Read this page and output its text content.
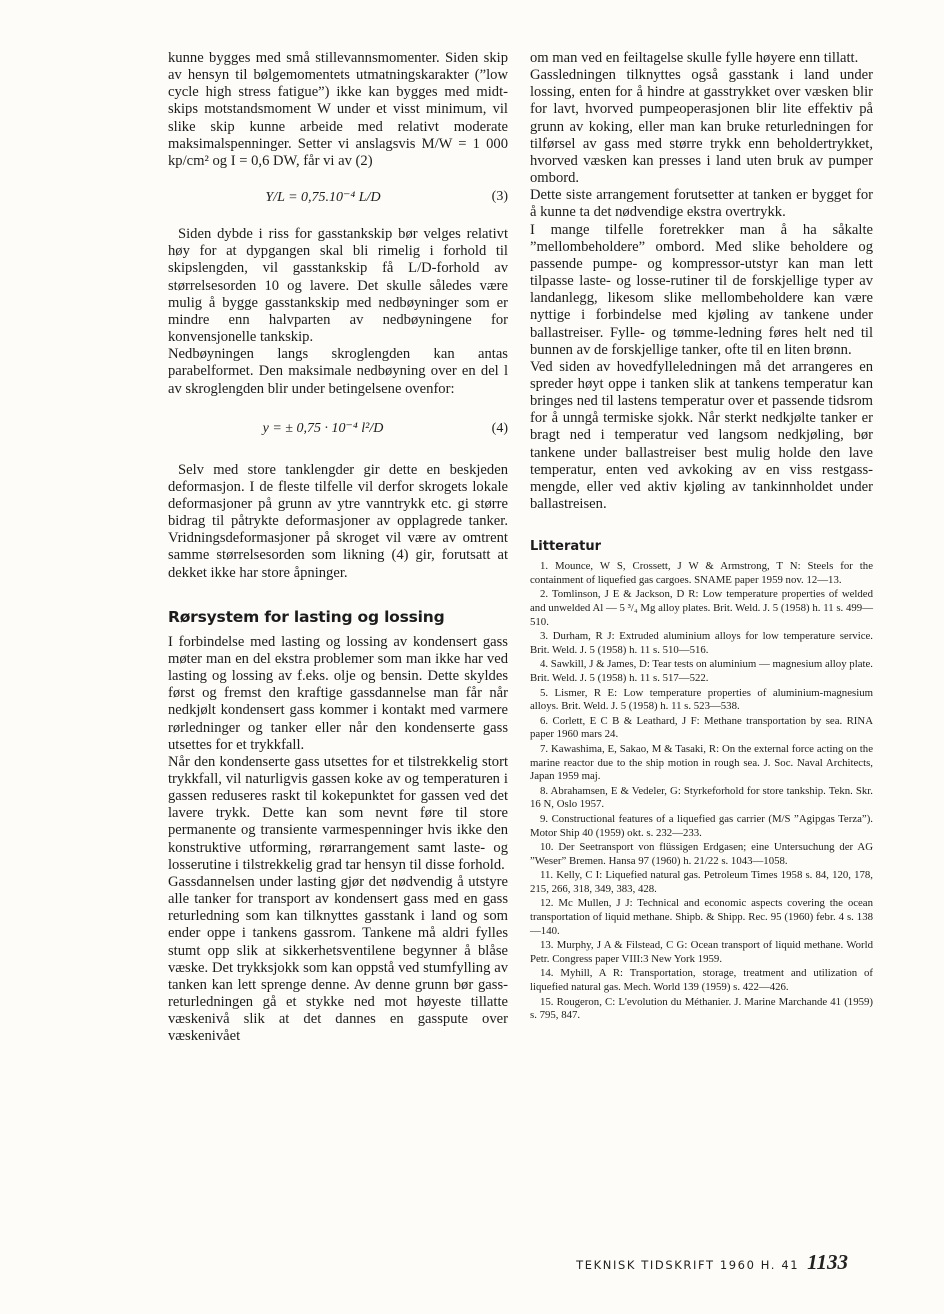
kunne bygges med små stillevannsmomenter. Siden skip av hensyn til bølgemomentets utmatningskarakter (”low cycle high stress fatigue”) ikke kan bygges med midt-skips motstandsmoment W under et visst minimum, vil slike skip kunne arbeide med relativt moderate maksimalspenninger. Setter vi anslagsvis M/W = 1 000 kp/cm² og I = 0,6 DW, får vi av (2)

Y/L = 0,75.10⁻⁴ L/D	(3)

Siden dybde i riss for gasstankskip bør velges relativt høy for at dypgangen skal bli rimelig i forhold til skipslengden, vil gasstankskip få L/D-forhold av størrelsesorden 10 og lavere. Det skulle således være mulig å bygge gasstankskip med nedbøyninger som er mindre enn halvparten av nedbøyningene for konvensjonelle tankskip.

Nedbøyningen langs skroglengden kan antas parabelformet. Den maksimale nedbøyning over en del l av skroglengden blir under betingelsene ovenfor:

y = ± 0,75 · 10⁻⁴ l²/D	(4)

Selv med store tanklengder gir dette en beskjeden deformasjon. I de fleste tilfelle vil derfor skrogets lokale deformasjoner på grunn av ytre vanntrykk etc. gi større bidrag til påtrykte deformasjoner av opplagrede tanker. Vridningsdeformasjoner på skroget vil være av omtrent samme størrelsesorden som likning (4) gir, forutsatt at dekket ikke har store åpninger.

Rørsystem for lasting og lossing

I forbindelse med lasting og lossing av kondensert gass møter man en del ekstra problemer som man ikke har ved lasting og lossing av f.eks. olje og bensin. Dette skyldes først og fremst den kraftige gassdannelse man får når nedkjølt kondensert gass kommer i kontakt med varmere rørledninger og tanker eller når den kondenserte gass utsettes for et trykkfall.

Når den kondenserte gass utsettes for et tilstrekkelig stort trykkfall, vil naturligvis gassen koke av og temperaturen i gassen reduseres raskt til kokepunktet for gassen ved det lavere trykk. Dette kan som nevnt føre til store permanente og transiente varmespenninger hvis ikke den konstruktive utforming, rørarrangement samt laste- og losserutine i tilstrekkelig grad tar hensyn til disse forhold.

Gassdannelsen under lasting gjør det nødvendig å utstyre alle tanker for transport av kondensert gass med en gass returledning som kan tilknyttes gasstank i land og som ender oppe i tankens gassrom. Tankene må aldri fylles stumt opp slik at sikkerhetsventilene begynner å blåse væske. Det trykksjokk som kan oppstå ved stumfylling av tanken kan lett sprenge denne. Av denne grunn bør gass-returledningen gå et stykke ned mot høyeste tillatte væskenivå slik at det dannes en gasspute over væskenivået

om man ved en feiltagelse skulle fylle høyere enn tillatt.

Gassledningen tilknyttes også gasstank i land under lossing, enten for å hindre at gasstrykket over væsken blir for lavt, hvorved pumpeoperasjonen blir lite effektiv på grunn av koking, eller man kan bruke returledningen for tilførsel av gass med større trykk enn beholdertrykket, hvorved væsken kan presses i land uten bruk av pumper ombord.

Dette siste arrangement forutsetter at tanken er bygget for å kunne ta det nødvendige ekstra overtrykk.

I mange tilfelle foretrekker man å ha såkalte ”mellombeholdere” ombord. Med slike beholdere og passende pumpe- og kompressor-utstyr kan man lett tilpasse laste- og losse-rutiner til de forskjellige typer av landanlegg, likesom slike mellombeholdere kan være nyttige i forbindelse med kjøling av tankene under ballastreiser. Fylle- og tømme-ledning føres helt ned til bunnen av de forskjellige tanker, ofte til en liten brønn.

Ved siden av hovedfylleledningen må det arrangeres en spreder høyt oppe i tanken slik at tankens temperatur kan bringes ned til lastens temperatur over et passende tidsrom for å unngå termiske sjokk. Når sterkt nedkjølte tanker er bragt ned i temperatur ved langsom nedkjøling, bør tankene under ballastreiser best mulig holde den lave temperatur, enten ved avkoking av en viss restgass-mengde, eller ved aktiv kjøling av tankinnholdet under ballastreisen.

Litteratur
1. Mounce, W S, Crossett, J W & Armstrong, T N: Steels for the containment of liquefied gas cargoes. SNAME paper 1959 nov. 12—13.
2. Tomlinson, J E & Jackson, D R: Low temperature properties of welded and unwelded Al — 5 ³/₄ Mg alloy plates. Brit. Weld. J. 5 (1958) h. 11 s. 499—510.
3. Durham, R J: Extruded aluminium alloys for low temperature service. Brit. Weld. J. 5 (1958) h. 11 s. 510—516.
4. Sawkill, J & James, D: Tear tests on aluminium — magnesium alloy plate. Brit. Weld. J. 5 (1958) h. 11 s. 517—522.
5. Lismer, R E: Low temperature properties of aluminium-magnesium alloys. Brit. Weld. J. 5 (1958) h. 11 s. 523—538.
6. Corlett, E C B & Leathard, J F: Methane transportation by sea. RINA paper 1960 mars 24.
7. Kawashima, E, Sakao, M & Tasaki, R: On the external force acting on the marine reactor due to the ship motion in rough sea. J. Soc. Naval Architects, Japan 1959 maj.
8. Abrahamsen, E & Vedeler, G: Styrkeforhold for store tankship. Tekn. Skr. 16 N, Oslo 1957.
9. Constructional features of a liquefied gas carrier (M/S ”Agipgas Terza”). Motor Ship 40 (1959) okt. s. 232—233.
10. Der Seetransport von flüssigen Erdgasen; eine Untersuchung der AG ”Weser” Bremen. Hansa 97 (1960) h. 21/22 s. 1043—1058.
11. Kelly, C I: Liquefied natural gas. Petroleum Times 1958 s. 84, 120, 178, 215, 266, 318, 349, 383, 428.
12. Mc Mullen, J J: Technical and economic aspects covering the ocean transportation of liquid methane. Shipb. & Shipp. Rec. 95 (1960) febr. 4 s. 138—140.
13. Murphy, J A & Filstead, C G: Ocean transport of liquid methane. World Petr. Congress paper VIII:3 New York 1959.
14. Myhill, A R: Transportation, storage, treatment and utilization of liquefied natural gas. Mech. World 139 (1959) s. 422—426.
15. Rougeron, C: L'evolution du Méthanier. J. Marine Marchande 41 (1959) s. 795, 847.
TEKNISK TIDSKRIFT 1960 H. 41 1133
